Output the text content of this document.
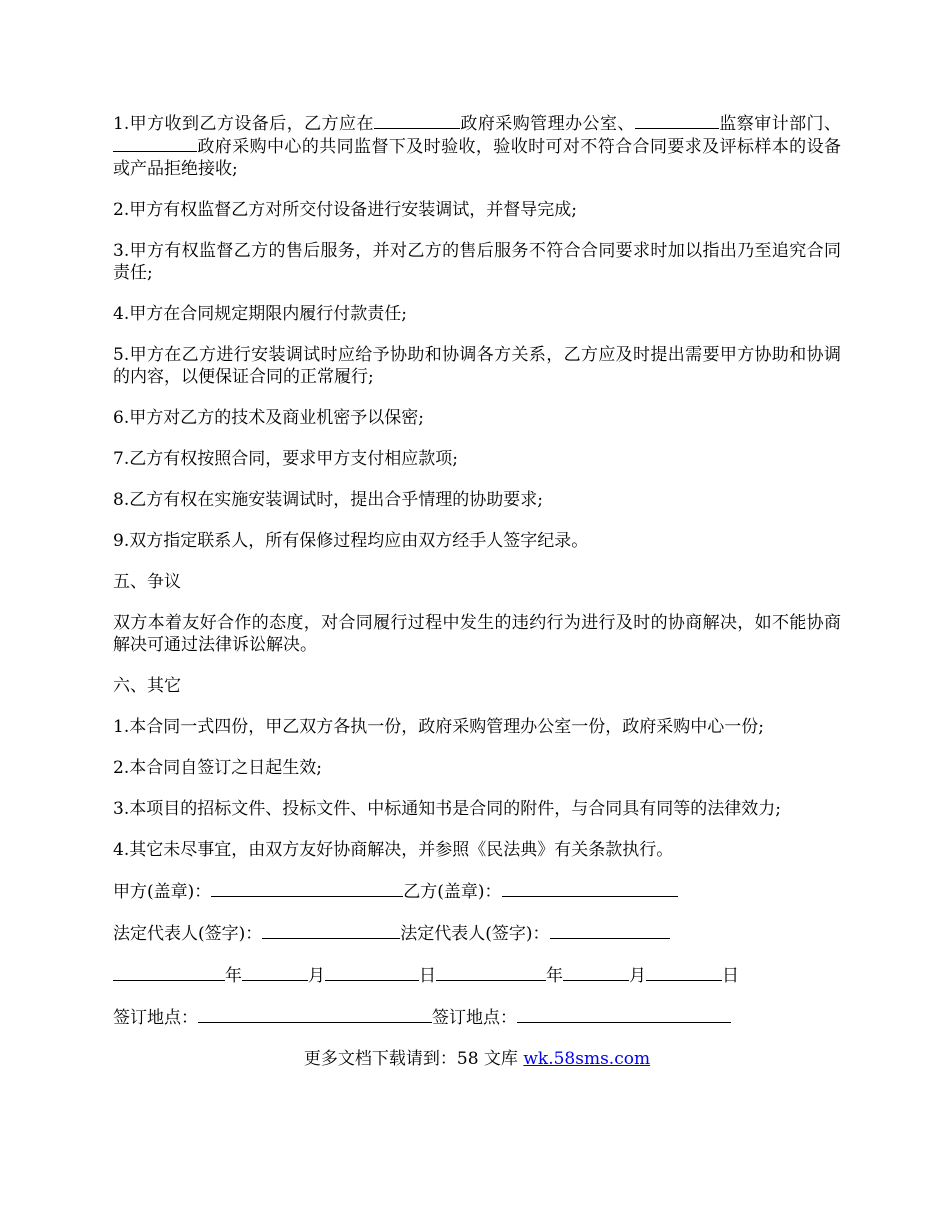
1.甲方收到乙方设备后，乙方应在	政府采购管理办公室、	监察审计部门、政府采购中心的共同监督下及时验收，验收时可对不符合合同要求及评标样本的设备或产品拒绝接收;

2.甲方有权监督乙方对所交付设备进行安装调试，并督导完成;

3.甲方有权监督乙方的售后服务，并对乙方的售后服务不符合合同要求时加以指出乃至追究合同责任;

4.甲方在合同规定期限内履行付款责任;

5.甲方在乙方进行安装调试时应给予协助和协调各方关系，乙方应及时提出需要甲方协助和协调的内容，以便保证合同的正常履行;

6.甲方对乙方的技术及商业机密予以保密;

7.乙方有权按照合同，要求甲方支付相应款项;

8.乙方有权在实施安装调试时，提出合乎情理的协助要求;

9.双方指定联系人，所有保修过程均应由双方经手人签字纪录。

五、争议

双方本着友好合作的态度，对合同履行过程中发生的违约行为进行及时的协商解决，如不能协商解决可通过法律诉讼解决。

六、其它

1.本合同一式四份，甲乙双方各执一份，政府采购管理办公室一份，政府采购中心一份;

2.本合同自签订之日起生效;

3.本项目的招标文件、投标文件、中标通知书是合同的附件，与合同具有同等的法律效力;

4.其它未尽事宜，由双方友好协商解决，并参照《民法典》有关条款执行。

甲方(盖章)：	乙方(盖章)：
法定代表人(签字)：	法定代表人(签字)：
年	月	日	年	月	日
签订地点：	签订地点：
更多文档下载请到：58 文库 wk.58sms.com
